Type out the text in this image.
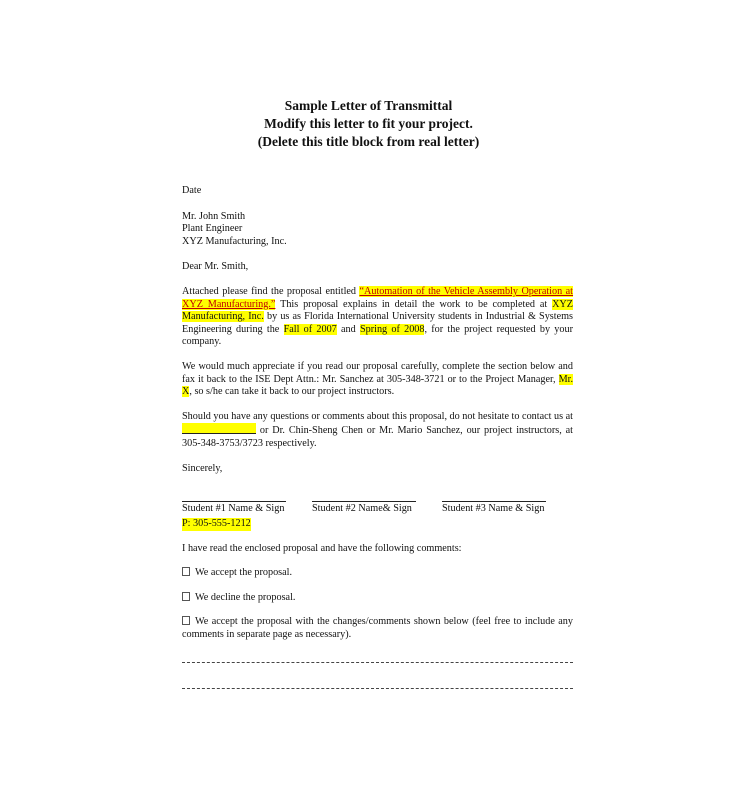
Sample Letter of Transmittal
Modify this letter to fit your project.
(Delete this title block from real letter)

Date

Mr. John Smith

Plant Engineer

XYZ Manufacturing, Inc.

Dear Mr. Smith,

Attached please find the proposal entitled “Automation of the Vehicle Assembly Operation at XYZ Manufacturing.” This proposal explains in detail the work to be completed at XYZ Manufacturing, Inc. by us as Florida International University students in Industrial & Systems Engineering during the Fall of 2007 and Spring of 2008, for the project requested by your company.

We would much appreciate if you read our proposal carefully, complete the section below and fax it back to the ISE Dept Attn.: Mr. Sanchez at 305-348-3721 or to the Project Manager, Mr. X, so s/he can take it back to our project instructors.

Should you have any questions or comments about this proposal, do not hesitate to contact us at  or Dr. Chin-Sheng Chen or Mr. Mario Sanchez, our project instructors, at 305-348-3753/3723 respectively.

Sincerely,

Student #1 Name & Sign	Student #2 Name& Sign	Student #3 Name & Sign
P: 305-555-1212

I have read the enclosed proposal and have the following comments:

We accept the proposal.

We decline the proposal.

We accept the proposal with the changes/comments shown below (feel free to include any comments in separate page as necessary).
